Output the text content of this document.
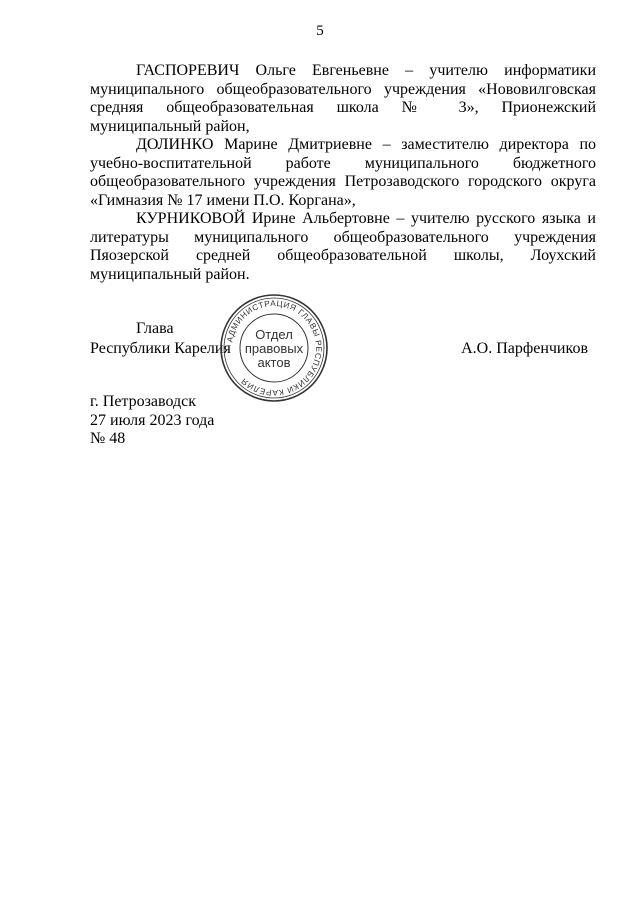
5

ГАСПОРЕВИЧ Ольге Евгеньевне – учителю информатики муниципального общеобразовательного учреждения «Нововилговская средняя общеобразовательная школа № 3», Прионежский муниципальный район,

ДОЛИНКО Марине Дмитриевне – заместителю директора по учебно-воспитательной работе муниципального бюджетного общеобразовательного учреждения Петрозаводского городского округа «Гимназия № 17 имени П.О. Коргана»,

КУРНИКОВОЙ Ирине Альбертовне – учителю русского языка и литературы муниципального общеобразовательного учреждения Пяозерской средней общеобразовательной школы, Лоухский муниципальный район.

Глава
Республики Карелия	А.О. Парфенчиков
АДМИНИСТРАЦИЯ ГЛАВЫ РЕСПУБЛИКИ КАРЕЛИЯ
Отдел
правовых
актов
г. Петрозаводск
27 июля 2023 года
№ 48
